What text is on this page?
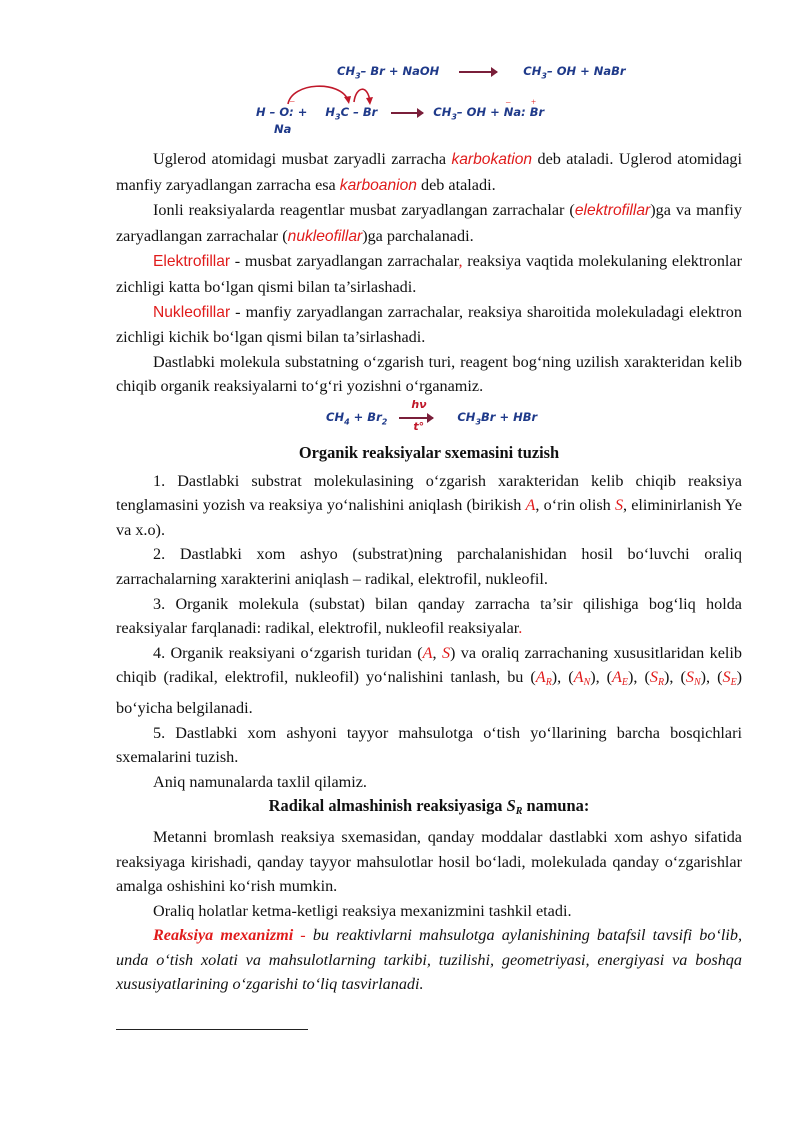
$CH_3-$ Br + NaOH	$CH_3-$ OH + NaBr
–	– +
H – O: + $H_3C - Br \to CH_3-$ OH + Na: Br
Na

Uglerod atomidagi musbat zaryadli zarracha karbokation deb ataladi. Uglerod atomidagi manfiy zaryadlangan zarracha esa karboanion deb ataladi.

Ionli reaksiyalarda reagentlar musbat zaryadlangan zarrachalar (elektrofillar)ga va manfiy zaryadlangan zarrachalar (nukleofillar)ga parchalanadi.

Elektrofillar - musbat zaryadlangan zarrachalar, reaksiya vaqtida molekulaning elektronlar zichligi katta bo‘lgan qismi bilan ta’sirlashadi.

Nukleofillar - manfiy zaryadlangan zarrachalar, reaksiya sharoitida molekuladagi elektron zichligi kichik bo‘lgan qismi bilan ta’sirlashadi.

Dastlabki molekula substatning o‘zgarish turi, reagent bog‘ning uzilish xarakteridan kelib chiqib organik reaksiyalarni to‘g‘ri yozishni o‘rganamiz.

$CH_4 + Br_2 \frac{h\nu}{t^\circ} CH_3Br$ + HBr
Organik reaksiyalar sxemasini tuzish

1. Dastlabki substrat molekulasining o‘zgarish xarakteridan kelib chiqib reaksiya tenglamasini yozish va reaksiya yo‘nalishini aniqlash (birikish A, o‘rin olish S, eliminirlanish Ye va x.o).

2. Dastlabki xom ashyo (substrat)ning parchalanishidan hosil bo‘luvchi oraliq zarrachalarning xarakterini aniqlash – radikal, elektrofil, nukleofil.

3. Organik molekula (substat) bilan qanday zarracha ta’sir qilishiga bog‘liq holda reaksiyalar farqlanadi: radikal, elektrofil, nukleofil reaksiyalar.

4. Organik reaksiyani o‘zgarish turidan (A, S) va oraliq zarrachaning xususitlaridan kelib chiqib (radikal, elektrofil, nukleofil) yo‘nalishini tanlash, bu $(A_R)$, $(A_N)$, $(A_E)$, $(S_R)$, $(S_N)$, $(S_E)$ bo‘yicha belgilanadi.

5. Dastlabki xom ashyoni tayyor mahsulotga o‘tish yo‘llarining barcha bosqichlari sxemalarini tuzish.

Aniq namunalarda taxlil qilamiz.

Radikal almashinish reaksiyasiga $S_R$ namuna:

Metanni bromlash reaksiya sxemasidan, qanday moddalar dastlabki xom ashyo sifatida reaksiyaga kirishadi, qanday tayyor mahsulotlar hosil bo‘ladi, molekulada qanday o‘zgarishlar amalga oshishini ko‘rish mumkin.

Oraliq holatlar ketma-ketligi reaksiya mexanizmini tashkil etadi.

Reaksiya mexanizmi - bu reaktivlarni mahsulotga aylanishining batafsil tavsifi bo‘lib, unda o‘tish xolati va mahsulotlarning tarkibi, tuzilishi, geometriyasi, energiyasi va boshqa xususiyatlarining o‘zgarishi to‘liq tasvirlanadi.
